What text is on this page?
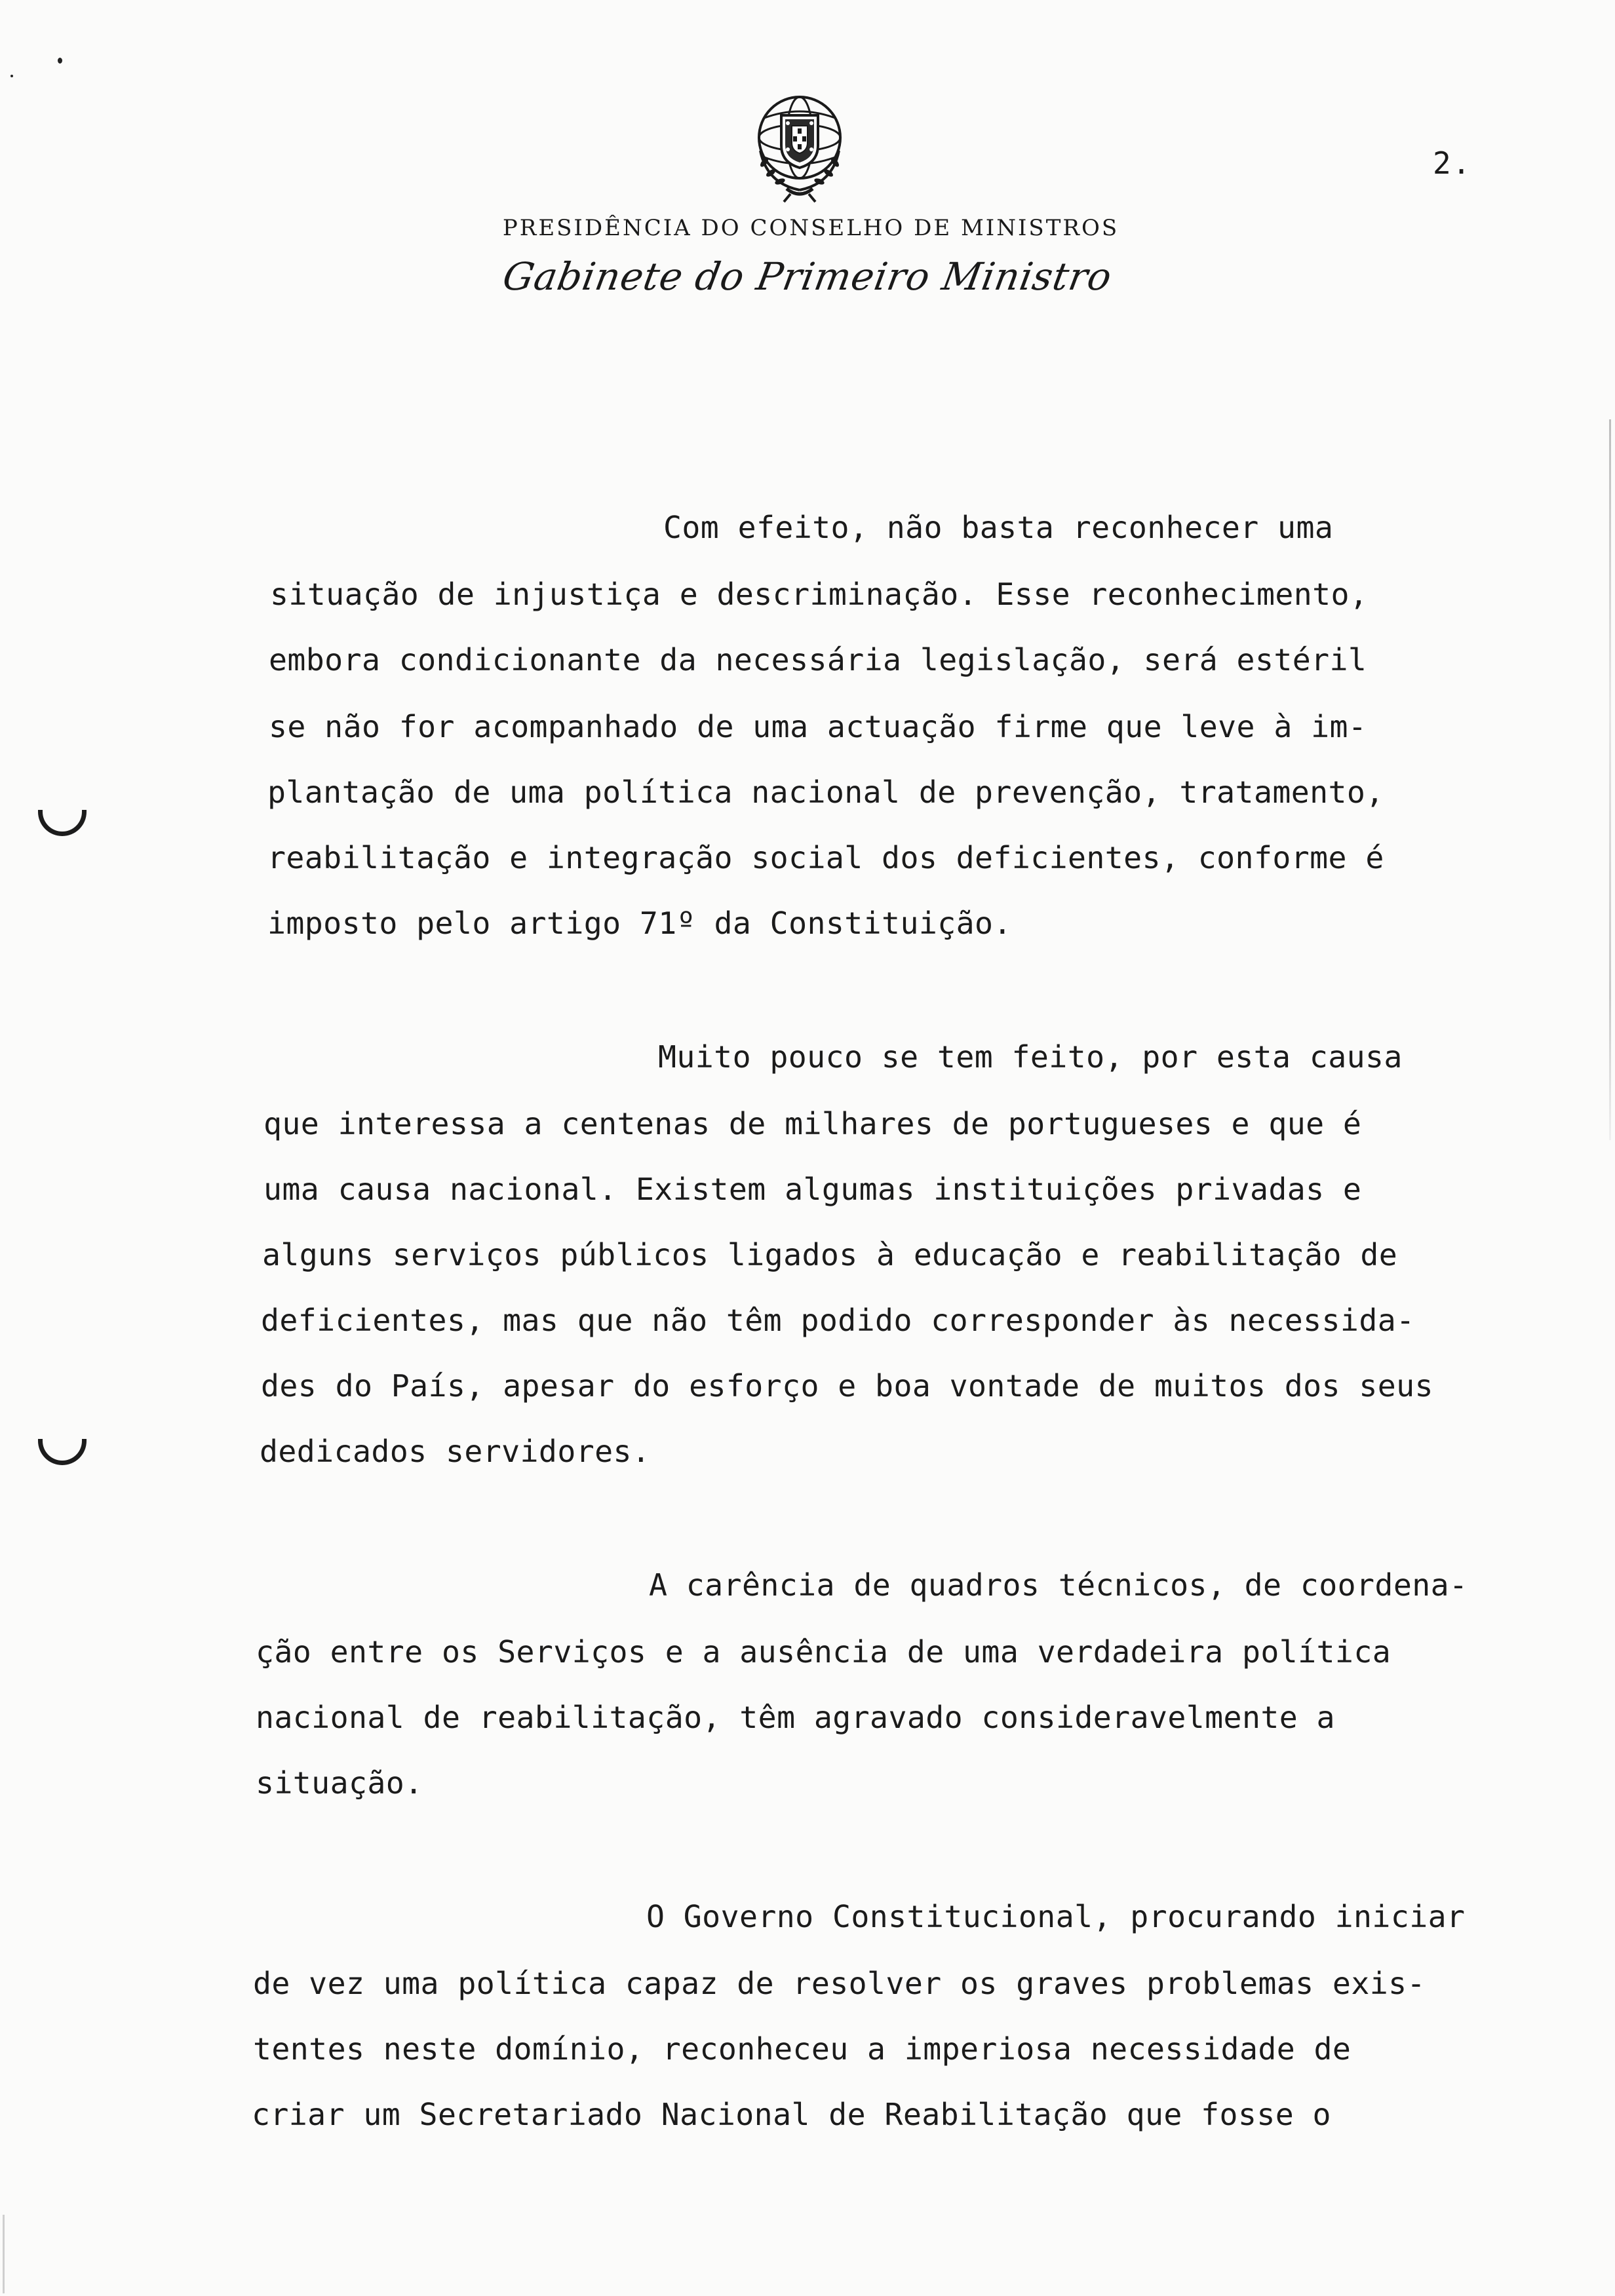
2.
PRESIDÊNCIA DO CONSELHO DE MINISTROS
Gabinete do Primeiro Ministro
Com efeito, não basta reconhecer uma
situação de injustiça e descriminação. Esse reconhecimento,
embora condicionante da necessária legislação, será estéril
se não for acompanhado de uma actuação firme que leve à im-
plantação de uma política nacional de prevenção, tratamento,
reabilitação e integração social dos deficientes, conforme é
imposto pelo artigo 71º da Constituição.
Muito pouco se tem feito, por esta causa
que interessa a centenas de milhares de portugueses e que é
uma causa nacional. Existem algumas instituições privadas e
alguns serviços públicos ligados à educação e reabilitação de
deficientes, mas que não têm podido corresponder às necessida-
des do País, apesar do esforço e boa vontade de muitos dos seus
dedicados servidores.
A carência de quadros técnicos, de coordena-
ção entre os Serviços e a ausência de uma verdadeira política
nacional de reabilitação, têm agravado consideravelmente a
situação.
O Governo Constitucional, procurando iniciar
de vez uma política capaz de resolver os graves problemas exis-
tentes neste domínio, reconheceu a imperiosa necessidade de
criar um Secretariado Nacional de Reabilitação que fosse o
